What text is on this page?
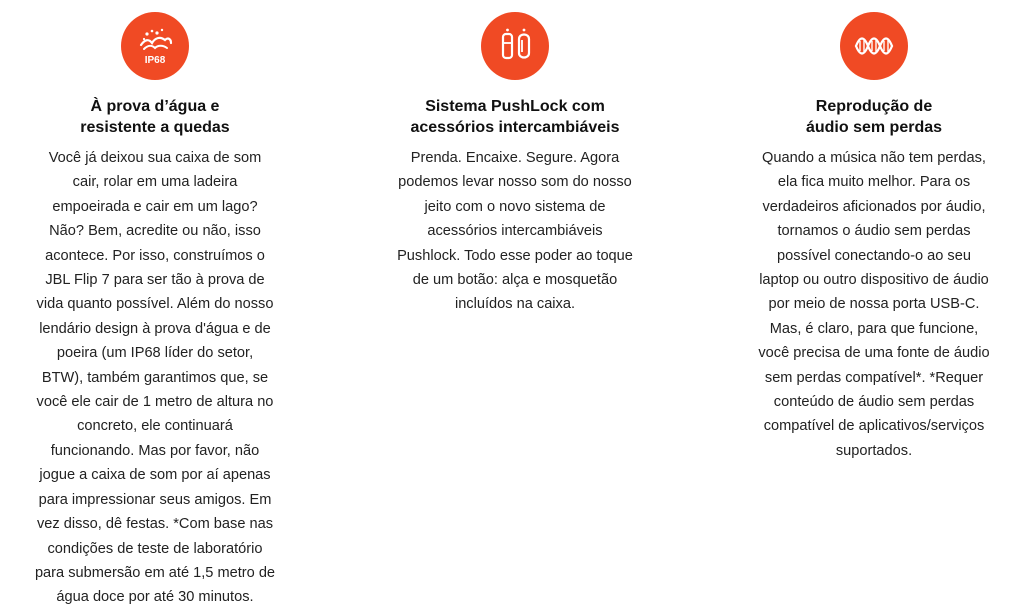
IP68
À prova d’água e
resistente a quedas
Você já deixou sua caixa de som
cair, rolar em uma ladeira
empoeirada e cair em um lago?
Não? Bem, acredite ou não, isso
acontece. Por isso, construímos o
JBL Flip 7 para ser tão à prova de
vida quanto possível. Além do nosso
lendário design à prova d'água e de
poeira (um IP68 líder do setor,
BTW), também garantimos que, se
você ele cair de 1 metro de altura no
concreto, ele continuará
funcionando. Mas por favor, não
jogue a caixa de som por aí apenas
para impressionar seus amigos. Em
vez disso, dê festas. *Com base nas
condições de teste de laboratório
para submersão em até 1,5 metro de
água doce por até 30 minutos.
Sistema PushLock com
acessórios intercambiáveis
Prenda. Encaixe. Segure. Agora
podemos levar nosso som do nosso
jeito com o novo sistema de
acessórios intercambiáveis
Pushlock. Todo esse poder ao toque
de um botão: alça e mosquetão
incluídos na caixa.
Reprodução de
áudio sem perdas
Quando a música não tem perdas,
ela fica muito melhor. Para os
verdadeiros aficionados por áudio,
tornamos o áudio sem perdas
possível conectando-o ao seu
laptop ou outro dispositivo de áudio
por meio de nossa porta USB-C.
Mas, é claro, para que funcione,
você precisa de uma fonte de áudio
sem perdas compatível*. *Requer
conteúdo de áudio sem perdas
compatível de aplicativos/serviços
suportados.
